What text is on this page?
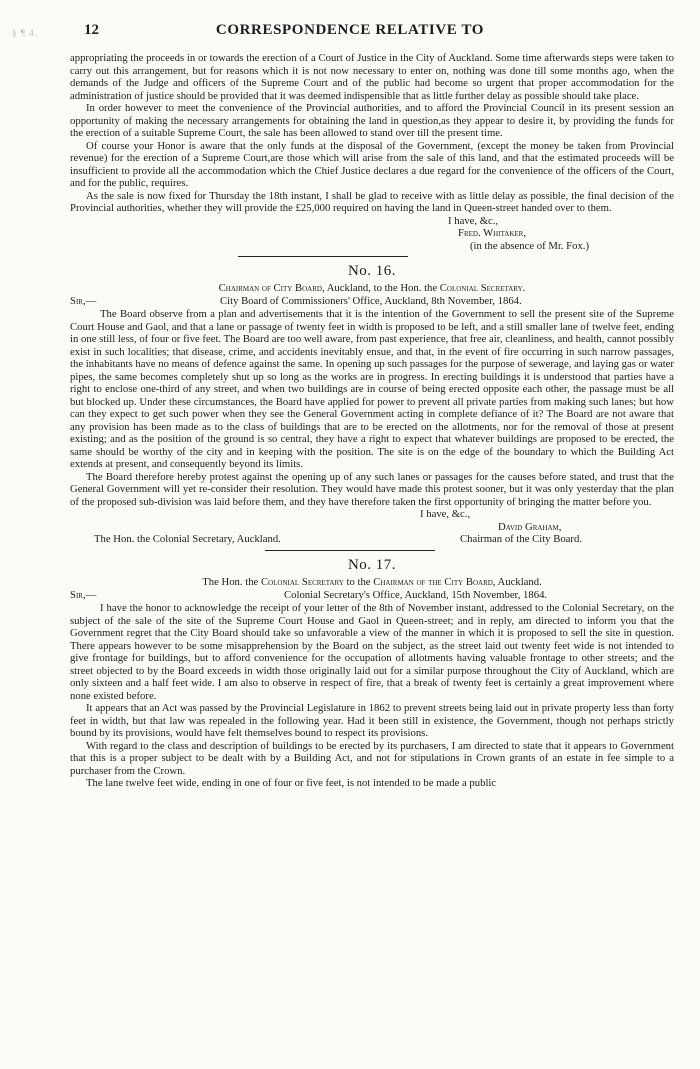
§ ¶ 4.	12	CORRESPONDENCE RELATIVE TO

appropriating the proceeds in or towards the erection of a Court of Justice in the City of Auckland. Some time afterwards steps were taken to carry out this arrangement, but for reasons which it is not now necessary to enter on, nothing was done till some months ago, when the demands of the Judge and officers of the Supreme Court and of the public had become so urgent that proper accommodation for the administration of justice should be provided that it was deemed indispensible that as little further delay as possible should take place.

In order however to meet the convenience of the Provincial authorities, and to afford the Provincial Council in its present session an opportunity of making the necessary arrangements for obtaining the land in question,as they appear to desire it, by providing the funds for the erection of a suitable Supreme Court, the sale has been allowed to stand over till the present time.

Of course your Honor is aware that the only funds at the disposal of the Government, (except the money be taken from Provincial revenue) for the erection of a Supreme Court,are those which will arise from the sale of this land, and that the estimated proceeds will be insufficient to provide all the accommodation which the Chief Justice declares a due regard for the convenience of the officers of the Court, and for the public, requires.

As the sale is now fixed for Thursday the 18th instant, I shall be glad to receive with as little delay as possible, the final decision of the Provincial authorities, whether they will provide the £25,000 required on having the land in Queen-street handed over to them.

I have, &c.,

Fred. Whitaker,

(in the absence of Mr. Fox.)

No. 16.
Chairman of City Board, Auckland, to the Hon. the Colonial Secretary.
Sir,—	City Board of Commissioners' Office, Auckland, 8th November, 1864.

The Board observe from a plan and advertisements that it is the intention of the Government to sell the present site of the Supreme Court House and Gaol, and that a lane or passage of twenty feet in width is proposed to be left, and a still smaller lane of twelve feet, ending in one still less, of four or five feet. The Board are too well aware, from past experience, that free air, cleanliness, and health, cannot possibly exist in such localities; that disease, crime, and accidents inevitably ensue, and that, in the event of fire occurring in such narrow passages, the inhabitants have no means of defence against the same. In opening up such passages for the purpose of sewerage, and laying gas or water pipes, the same becomes completely shut up so long as the works are in progress. In erecting buildings it is understood that parties have a right to enclose one-third of any street, and when two buildings are in course of being erected opposite each other, the passage must be all but blocked up. Under these circumstances, the Board have applied for power to prevent all private parties from making such lanes; but how can they expect to get such power when they see the General Government acting in complete defiance of it? The Board are not aware that any provision has been made as to the class of buildings that are to be erected on the allotments, nor for the removal of those at present existing; and as the position of the ground is so central, they have a right to expect that whatever buildings are proposed to be erected, the same should be worthy of the city and in keeping with the position. The site is on the edge of the boundary to which the Building Act extends at present, and consequently beyond its limits.

The Board therefore hereby protest against the opening up of any such lanes or passages for the causes before stated, and trust that the General Government will yet re-consider their resolution. They would have made this protest sooner, but it was only yesterday that the plan of the proposed sub-division was laid before them, and they have therefore taken the first opportunity of bringing the matter before you.

I have, &c.,

David Graham,

The Hon. the Colonial Secretary, Auckland.	Chairman of the City Board.
No. 17.
The Hon. the Colonial Secretary to the Chairman of the City Board, Auckland.
Sir,—	Colonial Secretary's Office, Auckland, 15th November, 1864.

I have the honor to acknowledge the receipt of your letter of the 8th of November instant, addressed to the Colonial Secretary, on the subject of the sale of the site of the Supreme Court House and Gaol in Queen-street; and in reply, am directed to inform you that the Government regret that the City Board should take so unfavorable a view of the manner in which it is proposed to sell the site in question. There appears however to be some misapprehension by the Board on the subject, as the street laid out twenty feet wide is not intended to give frontage for buildings, but to afford convenience for the occupation of allotments having valuable frontage to other streets; and the street objected to by the Board exceeds in width those originally laid out for a similar purpose throughout the City of Auckland, which are only sixteen and a half feet wide. I am also to observe in respect of fire, that a break of twenty feet is certainly a great improvement where none existed before.

It appears that an Act was passed by the Provincial Legislature in 1862 to prevent streets being laid out in private property less than forty feet in width, but that law was repealed in the following year. Had it been still in existence, the Government, though not perhaps strictly bound by its provisions, would have felt themselves bound to respect its provisions.

With regard to the class and description of buildings to be erected by its purchasers, I am directed to state that it appears to Government that this is a proper subject to be dealt with by a Building Act, and not for stipulations in Crown grants of an estate in fee simple to a purchaser from the Crown.

The lane twelve feet wide, ending in one of four or five feet, is not intended to be made a public
